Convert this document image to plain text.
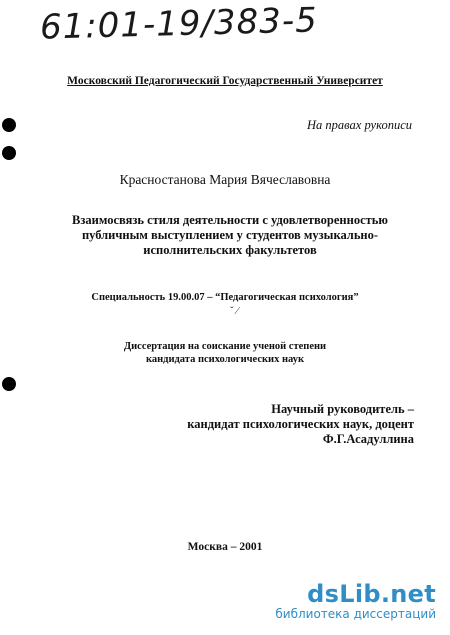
61:01-19/383-5
Московский Педагогический Государственный Университет
На правах рукописи
Красностанова Мария Вячеславовна
Взаимосвязь стиля деятельности с удовлетворенностью
публичным выступлением у студентов музыкально-
исполнительских факультетов
Специальность 19.00.07 – “Педагогическая психология”
ˇ ⁄
Диссертация на соискание ученой степени
кандидата психологических наук
Научный руководитель –
кандидат психологических наук, доцент
Ф.Г.Асадуллина
Москва – 2001
dsLib.net
библиотека диссертаций
